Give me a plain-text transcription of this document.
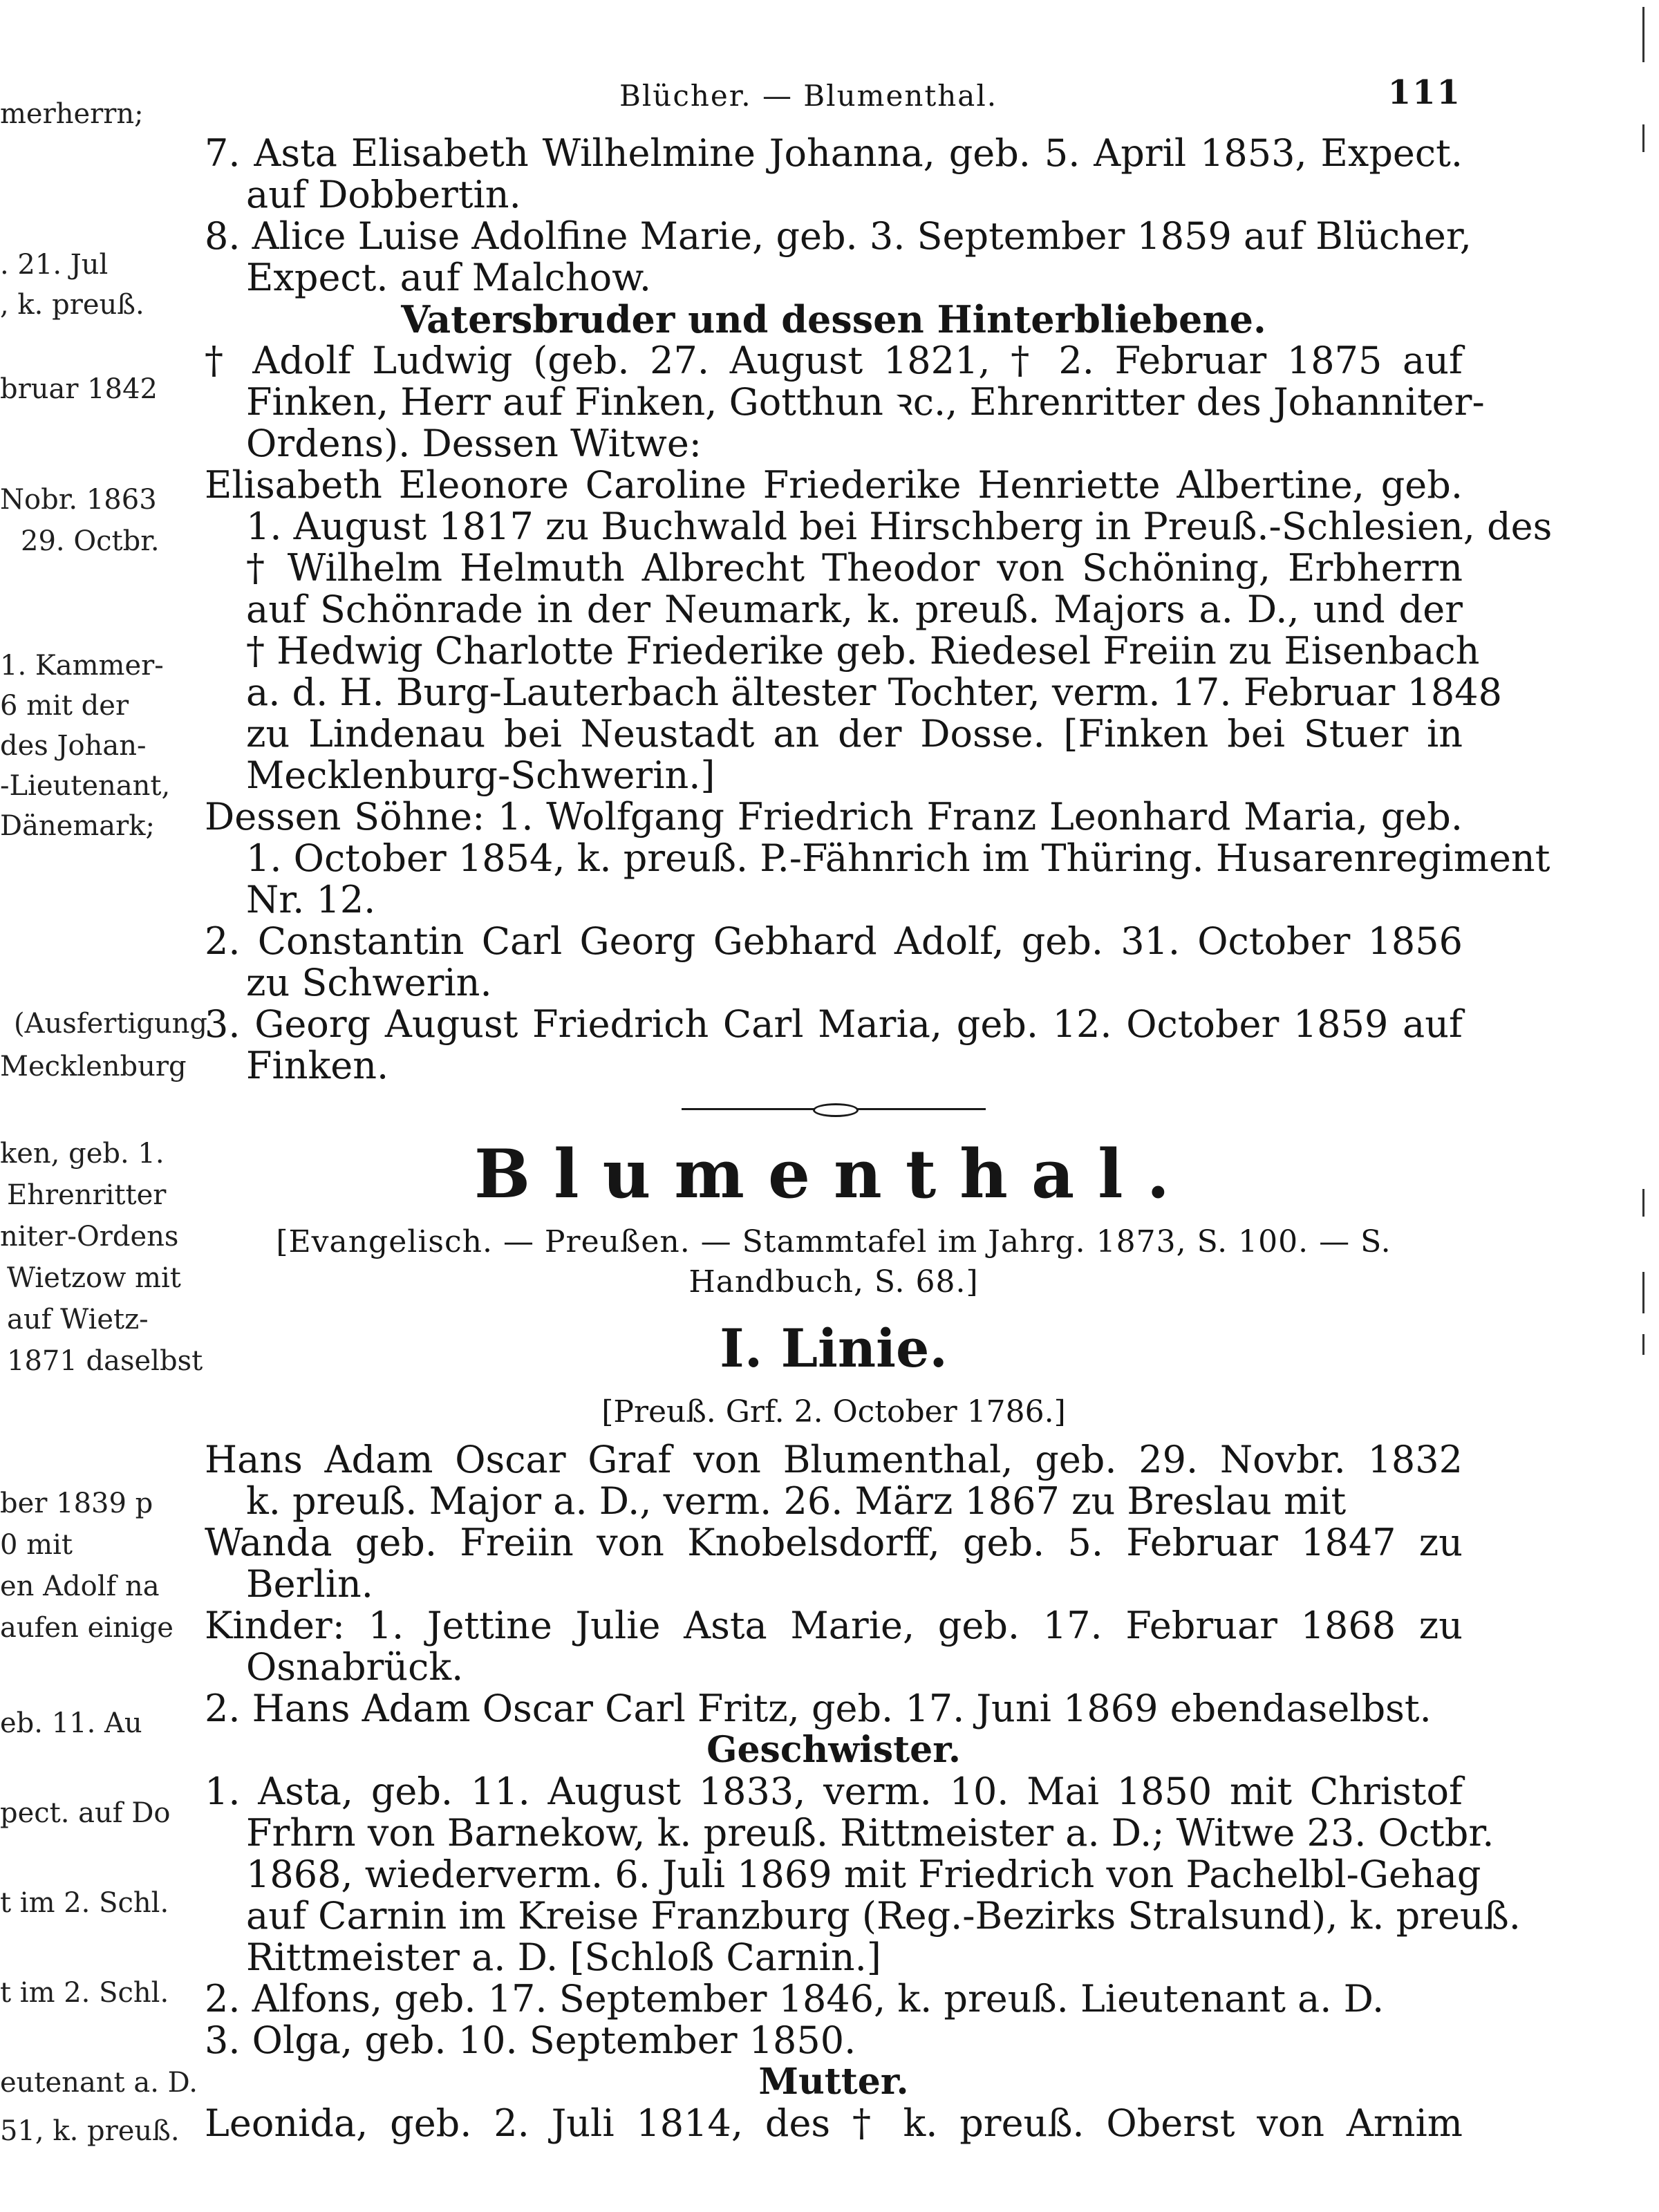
merherrn;
. 21. Jul
, k. preuß.
bruar 1842
Nobr. 1863
29. Octbr.
1. Kammer-
6 mit der
des Johan-
-Lieutenant,
Dänemark;
(Ausfertigung
Mecklenburg
ken, geb. 1.
Ehrenritter
niter-Ordens
Wietzow mit
auf Wietz-
1871 daselbst
ber 1839 p
0 mit
en Adolf na
aufen einige
eb. 11. Au
pect. auf Do
t im 2. Schl.
t im 2. Schl.
eutenant a. D.
51, k. preuß.
Blücher. — Blumenthal.	111
7. Asta Elisabeth Wilhelmine Johanna, geb. 5. April 1853, Expect.
auf Dobbertin.
8. Alice Luise Adolfine Marie, geb. 3. September 1859 auf Blücher,
Expect. auf Malchow.
Vatersbruder und dessen Hinterbliebene.
† Adolf Ludwig (geb. 27. August 1821, † 2. Februar 1875 auf
Finken, Herr auf Finken, Gotthun ꝛc., Ehrenritter des Johanniter-
Ordens). Dessen Witwe:
Elisabeth Eleonore Caroline Friederike Henriette Albertine, geb.
1. August 1817 zu Buchwald bei Hirschberg in Preuß.-Schlesien, des
† Wilhelm Helmuth Albrecht Theodor von Schöning, Erbherrn
auf Schönrade in der Neumark, k. preuß. Majors a. D., und der
† Hedwig Charlotte Friederike geb. Riedesel Freiin zu Eisenbach
a. d. H. Burg-Lauterbach ältester Tochter, verm. 17. Februar 1848
zu Lindenau bei Neustadt an der Dosse. [Finken bei Stuer in
Mecklenburg-Schwerin.]
Dessen Söhne: 1. Wolfgang Friedrich Franz Leonhard Maria, geb.
1. October 1854, k. preuß. P.-Fähnrich im Thüring. Husarenregiment
Nr. 12.
2. Constantin Carl Georg Gebhard Adolf, geb. 31. October 1856
zu Schwerin.
3. Georg August Friedrich Carl Maria, geb. 12. October 1859 auf
Finken.
Blumenthal.
[Evangelisch. — Preußen. — Stammtafel im Jahrg. 1873, S. 100. — S.
Handbuch, S. 68.]
I. Linie.
[Preuß. Grf. 2. October 1786.]
Hans Adam Oscar Graf von Blumenthal, geb. 29. Novbr. 1832
k. preuß. Major a. D., verm. 26. März 1867 zu Breslau mit
Wanda geb. Freiin von Knobelsdorff, geb. 5. Februar 1847 zu
Berlin.
Kinder: 1. Jettine Julie Asta Marie, geb. 17. Februar 1868 zu
Osnabrück.
2. Hans Adam Oscar Carl Fritz, geb. 17. Juni 1869 ebendaselbst.
Geschwister.
1. Asta, geb. 11. August 1833, verm. 10. Mai 1850 mit Christof
Frhrn von Barnekow, k. preuß. Rittmeister a. D.; Witwe 23. Octbr.
1868, wiederverm. 6. Juli 1869 mit Friedrich von Pachelbl-Gehag
auf Carnin im Kreise Franzburg (Reg.-Bezirks Stralsund), k. preuß.
Rittmeister a. D. [Schloß Carnin.]
2. Alfons, geb. 17. September 1846, k. preuß. Lieutenant a. D.
3. Olga, geb. 10. September 1850.
Mutter.
Leonida, geb. 2. Juli 1814, des † k. preuß. Oberst von Arnim
